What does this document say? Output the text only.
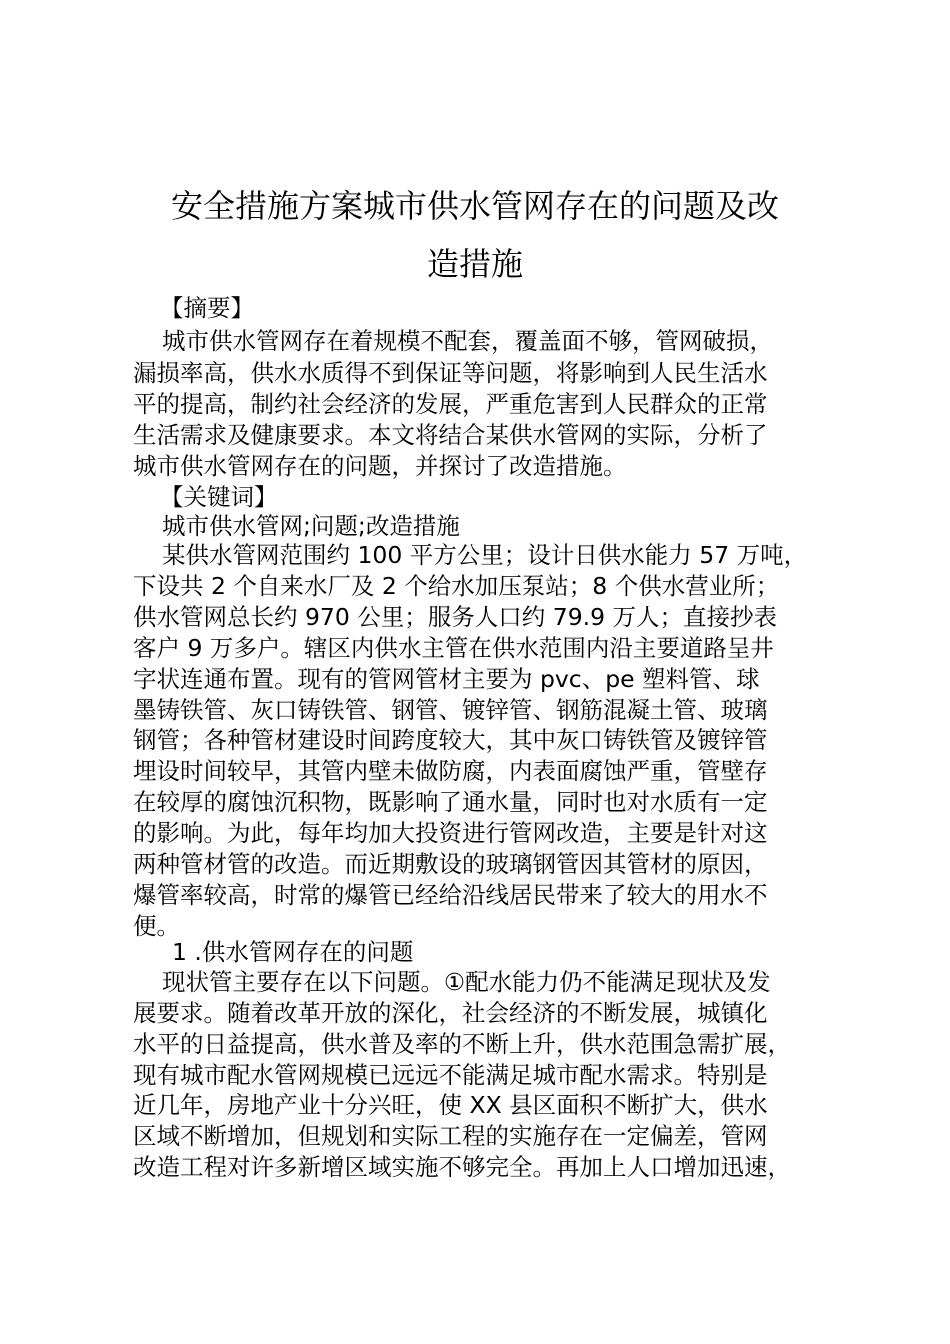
安全措施方案城市供水管网存在的问题及改
造措施
【摘要】
城市供水管网存在着规模不配套，覆盖面不够，管网破损，
漏损率高，供水水质得不到保证等问题，将影响到人民生活水
平的提高，制约社会经济的发展，严重危害到人民群众的正常
生活需求及健康要求。本文将结合某供水管网的实际，分析了
城市供水管网存在的问题，并探讨了改造措施。
【关键词】
城市供水管网;问题;改造措施
某供水管网范围约 100 平方公里；设计日供水能力 57 万吨，
下设共 2 个自来水厂及 2 个给水加压泵站；8 个供水营业所；
供水管网总长约 970 公里；服务人口约 79.9 万人；直接抄表
客户 9 万多户。辖区内供水主管在供水范围内沿主要道路呈井
字状连通布置。现有的管网管材主要为 pvc、pe 塑料管、球
墨铸铁管、灰口铸铁管、钢管、镀锌管、钢筋混凝土管、玻璃
钢管；各种管材建设时间跨度较大，其中灰口铸铁管及镀锌管
埋设时间较早，其管内壁未做防腐，内表面腐蚀严重，管壁存
在较厚的腐蚀沉积物，既影响了通水量，同时也对水质有一定
的影响。为此，每年均加大投资进行管网改造，主要是针对这
两种管材管的改造。而近期敷设的玻璃钢管因其管材的原因，
爆管率较高，时常的爆管已经给沿线居民带来了较大的用水不
便。
1 .供水管网存在的问题
现状管主要存在以下问题。①配水能力仍不能满足现状及发
展要求。随着改革开放的深化，社会经济的不断发展，城镇化
水平的日益提高，供水普及率的不断上升，供水范围急需扩展，
现有城市配水管网规模已远远不能满足城市配水需求。特别是
近几年，房地产业十分兴旺，使 XX 县区面积不断扩大，供水
区域不断增加，但规划和实际工程的实施存在一定偏差，管网
改造工程对许多新增区域实施不够完全。再加上人口增加迅速，
